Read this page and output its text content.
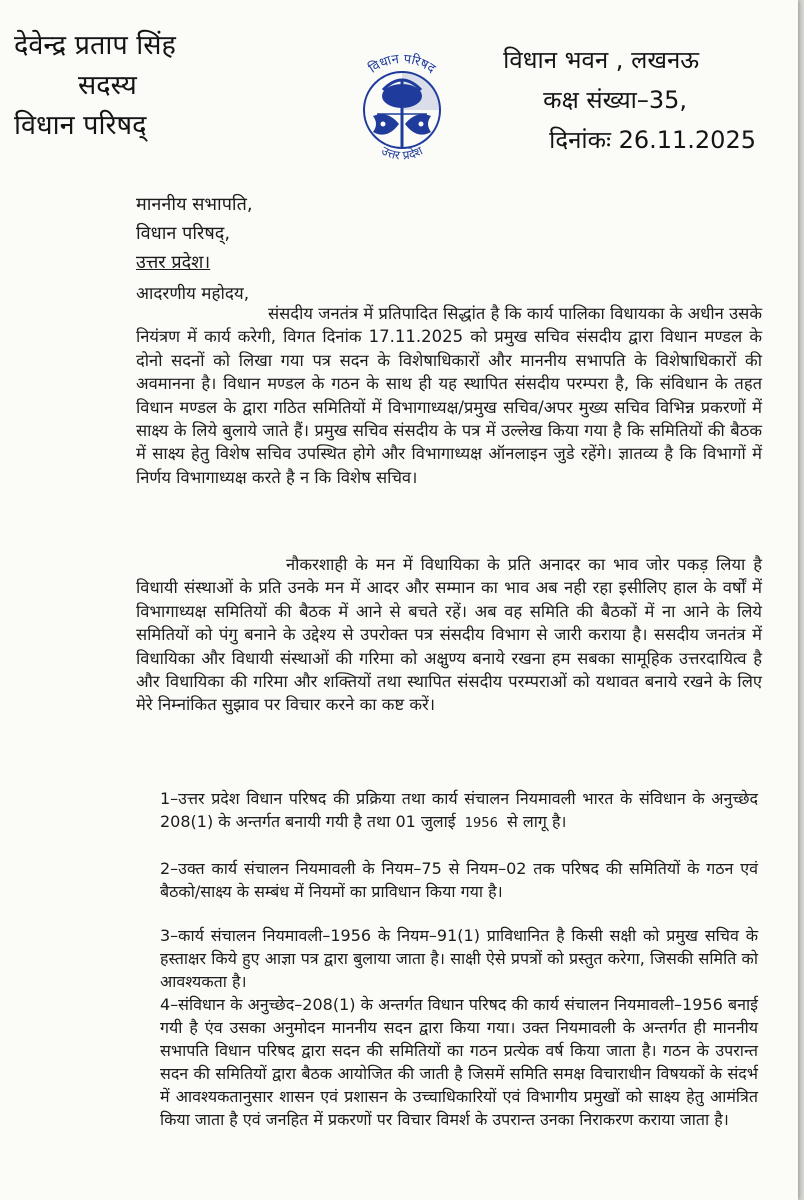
देवेन्द्र प्रताप सिंह
सदस्य
विधान परिषद्
विधान परिषद
उत्तर प्रदेश
विधान भवन , लखनऊ
कक्ष संख्या–35,
दिनांकः 26.11.2025
माननीय सभापति,
विधान परिषद्,
उत्तर प्रदेश।
आदरणीय महोदय,
संसदीय जनतंत्र में प्रतिपादित सिद्धांत है कि कार्य पालिका विधायका के अधीन उसके नियंत्रण में कार्य करेगी, विगत दिनांक 17.11.2025 को प्रमुख सचिव संसदीय द्वारा विधान मण्डल के दोनो सदनों को लिखा गया पत्र सदन के विशेषाधिकारों और माननीय सभापति के विशेषाधिकारों की अवमानना है। विधान मण्डल के गठन के साथ ही यह स्थापित संसदीय परम्परा है, कि संविधान के तहत विधान मण्डल के द्वारा गठित समितियों में विभागाध्यक्ष/प्रमुख सचिव/अपर मुख्य सचिव विभिन्न प्रकरणों में साक्ष्य के लिये बुलाये जाते हैं। प्रमुख सचिव संसदीय के पत्र में उल्लेख किया गया है कि समितियों की बैठक में साक्ष्य हेतु विशेष सचिव उपस्थित होगे और विभागाध्यक्ष ऑनलाइन जुडे रहेंगे। ज्ञातव्य है कि विभागों में निर्णय विभागाध्यक्ष करते है न कि विशेष सचिव।
नौकरशाही के मन में विधायिका के प्रति अनादर का भाव जोर पकड़ लिया है विधायी संस्थाओं के प्रति उनके मन में आदर और सम्मान का भाव अब नही रहा इसीलिए हाल के वर्षों में विभागाध्यक्ष समितियों की बैठक में आने से बचते रहें। अब वह समिति की बैठकों में ना आने के लिये समितियों को पंगु बनाने के उद्देश्य से उपरोक्त पत्र संसदीय विभाग से जारी कराया है। ससदीय जनतंत्र में विधायिका और विधायी संस्थाओं की गरिमा को अक्षुण्य बनाये रखना हम सबका सामूहिक उत्तरदायित्व है और विधायिका की गरिमा और शक्तियों तथा स्थापित संसदीय परम्पराओं को यथावत बनाये रखने के लिए मेरे निम्नांकित सुझाव पर विचार करने का कष्ट करें।
1–उत्तर प्रदेश विधान परिषद की प्रक्रिया तथा कार्य संचालन नियमावली भारत के संविधान के अनुच्छेद 208(1) के अन्तर्गत बनायी गयी है तथा 01 जुलाई 1956 से लागू है।
2–उक्त कार्य संचालन नियमावली के नियम–75 से नियम–02 तक परिषद की समितियों के गठन एवं बैठको/साक्ष्य के सम्बंध में नियमों का प्राविधान किया गया है।
3–कार्य संचालन नियमावली–1956 के नियम–91(1) प्राविधानित है किसी सक्षी को प्रमुख सचिव के हस्ताक्षर किये हुए आज्ञा पत्र द्वारा बुलाया जाता है। साक्षी ऐसे प्रपत्रों को प्रस्तुत करेगा, जिसकी समिति को आवश्यकता है।
4–संविधान के अनुच्छेद–208(1) के अन्तर्गत विधान परिषद की कार्य संचालन नियमावली–1956 बनाई गयी है एंव उसका अनुमोदन माननीय सदन द्वारा किया गया। उक्त नियमावली के अन्तर्गत ही माननीय सभापति विधान परिषद द्वारा सदन की समितियों का गठन प्रत्येक वर्ष किया जाता है। गठन के उपरान्त सदन की समितियों द्वारा बैठक आयोजित की जाती है जिसमें समिति समक्ष विचाराधीन विषयकों के संदर्भ में आवश्यकतानुसार शासन एवं प्रशासन के उच्चाधिकारियों एवं विभागीय प्रमुखों को साक्ष्य हेतु आमंत्रित किया जाता है एवं जनहित में प्रकरणों पर विचार विमर्श के उपरान्त उनका निराकरण कराया जाता है।
